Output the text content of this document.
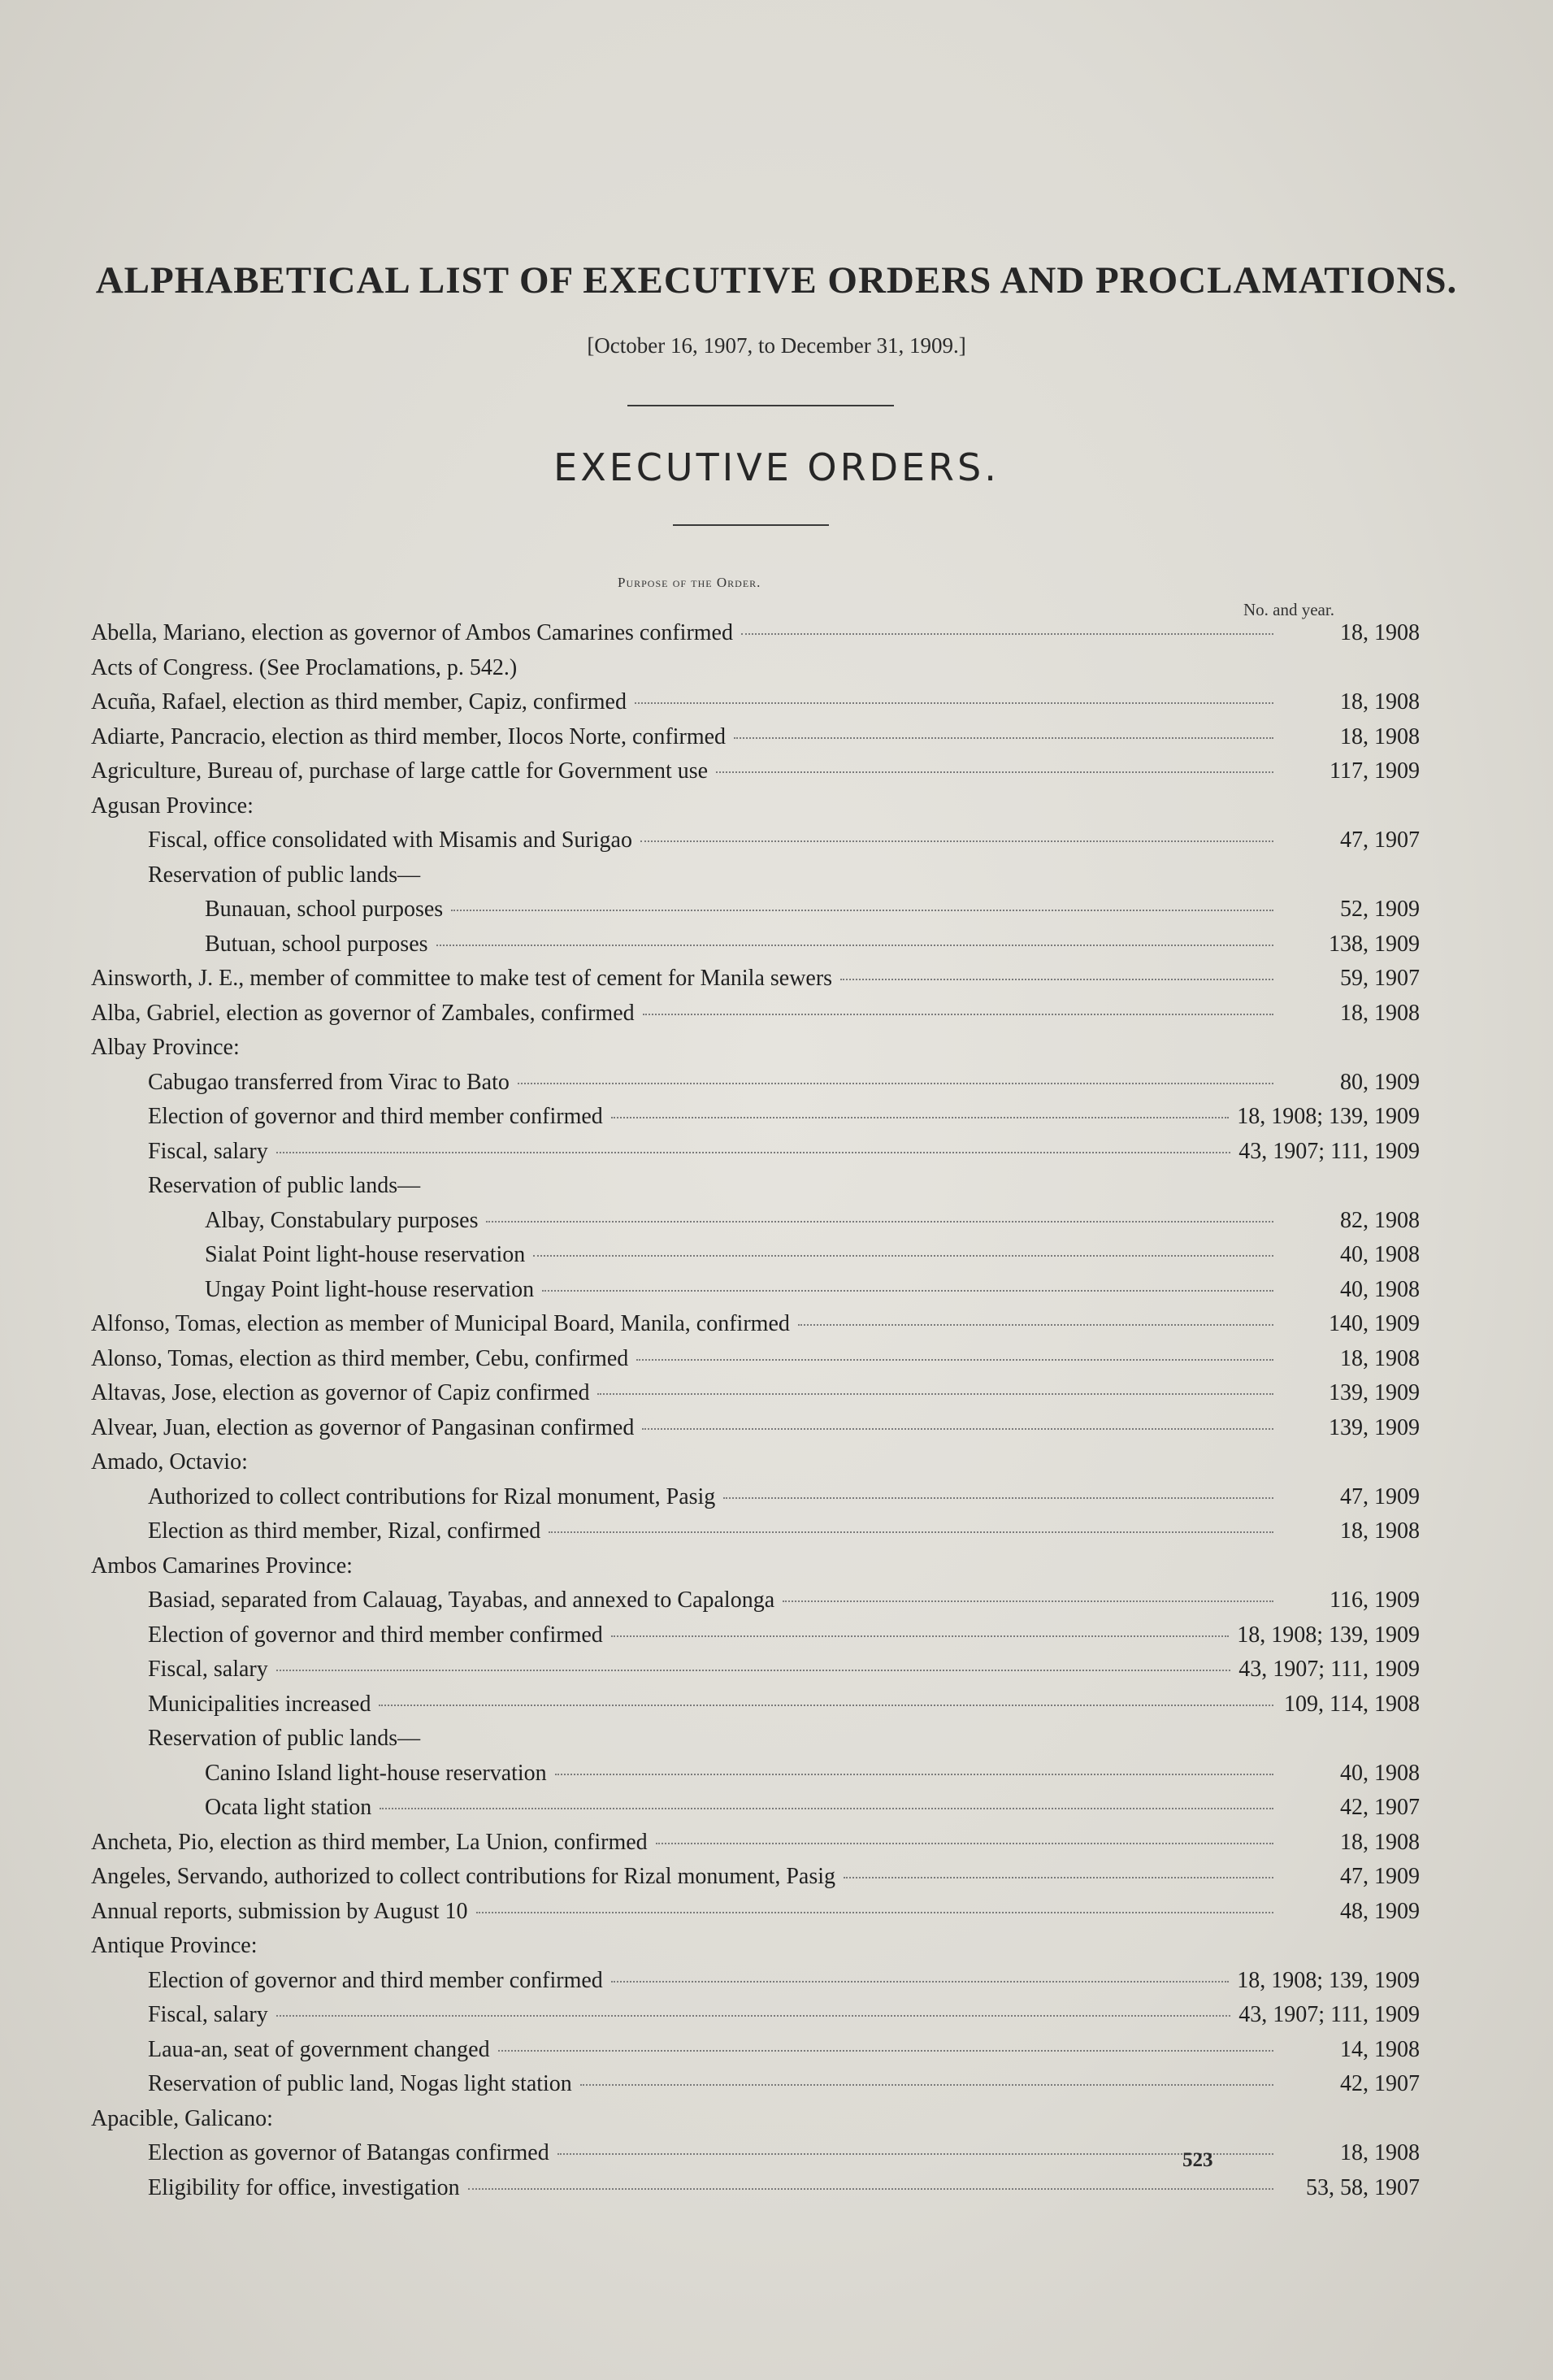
ALPHABETICAL LIST OF EXECUTIVE ORDERS AND PROCLAMATIONS.
[October 16, 1907, to December 31, 1909.]
EXECUTIVE ORDERS.
Purpose of the Order.
No. and year.
Abella, Mariano, election as governor of Ambos Camarines confirmed	18, 1908
Acts of Congress. (See Proclamations, p. 542.)
Acuña, Rafael, election as third member, Capiz, confirmed	18, 1908
Adiarte, Pancracio, election as third member, Ilocos Norte, confirmed	18, 1908
Agriculture, Bureau of, purchase of large cattle for Government use	117, 1909
Agusan Province:
Fiscal, office consolidated with Misamis and Surigao	47, 1907
Reservation of public lands—
Bunauan, school purposes	52, 1909
Butuan, school purposes	138, 1909
Ainsworth, J. E., member of committee to make test of cement for Manila sewers	59, 1907
Alba, Gabriel, election as governor of Zambales, confirmed	18, 1908
Albay Province:
Cabugao transferred from Virac to Bato	80, 1909
Election of governor and third member confirmed	18, 1908; 139, 1909
Fiscal, salary	43, 1907; 111, 1909
Reservation of public lands—
Albay, Constabulary purposes	82, 1908
Sialat Point light-house reservation	40, 1908
Ungay Point light-house reservation	40, 1908
Alfonso, Tomas, election as member of Municipal Board, Manila, confirmed	140, 1909
Alonso, Tomas, election as third member, Cebu, confirmed	18, 1908
Altavas, Jose, election as governor of Capiz confirmed	139, 1909
Alvear, Juan, election as governor of Pangasinan confirmed	139, 1909
Amado, Octavio:
Authorized to collect contributions for Rizal monument, Pasig	47, 1909
Election as third member, Rizal, confirmed	18, 1908
Ambos Camarines Province:
Basiad, separated from Calauag, Tayabas, and annexed to Capalonga	116, 1909
Election of governor and third member confirmed	18, 1908; 139, 1909
Fiscal, salary	43, 1907; 111, 1909
Municipalities increased	109, 114, 1908
Reservation of public lands—
Canino Island light-house reservation	40, 1908
Ocata light station	42, 1907
Ancheta, Pio, election as third member, La Union, confirmed	18, 1908
Angeles, Servando, authorized to collect contributions for Rizal monument, Pasig	47, 1909
Annual reports, submission by August 10	48, 1909
Antique Province:
Election of governor and third member confirmed	18, 1908; 139, 1909
Fiscal, salary	43, 1907; 111, 1909
Laua-an, seat of government changed	14, 1908
Reservation of public land, Nogas light station	42, 1907
Apacible, Galicano:
Election as governor of Batangas confirmed	18, 1908
Eligibility for office, investigation	53, 58, 1907
523
